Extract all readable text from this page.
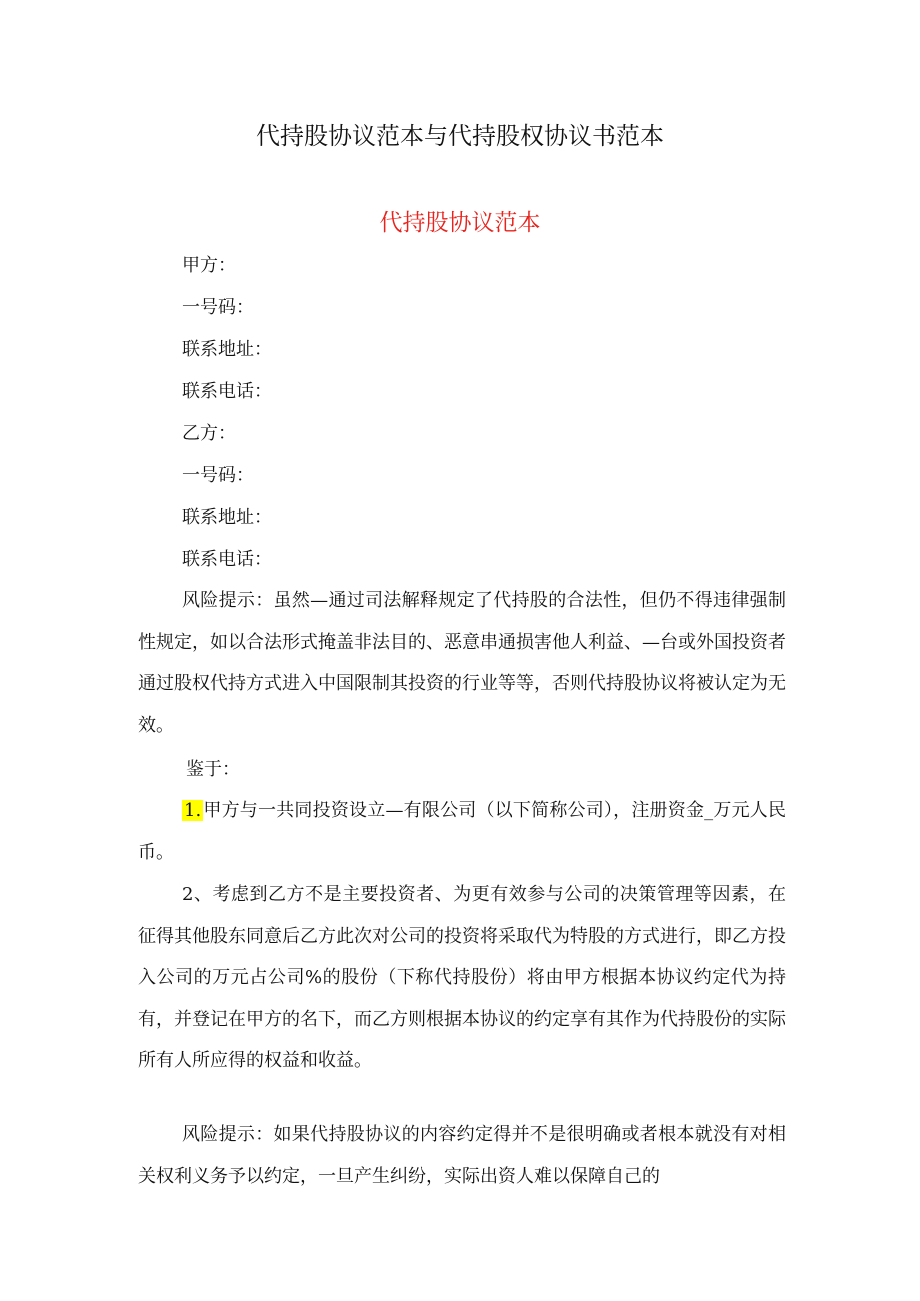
代持股协议范本与代持股权协议书范本
代持股协议范本
甲方：
一号码：
联系地址：
联系电话：
乙方：
一号码：
联系地址：
联系电话：
风险提示：虽然—通过司法解释规定了代持股的合法性，但仍不得违律强制性规定，如以合法形式掩盖非法目的、恶意串通损害他人利益、—台或外国投资者通过股权代持方式进入中国限制其投资的行业等等，否则代持股协议将被认定为无效。
鉴于：
1. 甲方与一共同投资设立—有限公司（以下简称公司），注册资金_万元人民币。
2、考虑到乙方不是主要投资者、为更有效参与公司的决策管理等因素，在征得其他股东同意后乙方此次对公司的投资将采取代为特股的方式进行，即乙方投入公司的万元占公司%的股份（下称代持股份）将由甲方根据本协议约定代为持有，并登记在甲方的名下，而乙方则根据本协议的约定享有其作为代持股份的实际所有人所应得的权益和收益。
风险提示：如果代持股协议的内容约定得并不是很明确或者根本就没有对相关权利义务予以约定，一旦产生纠纷，实际出资人难以保障自己的
